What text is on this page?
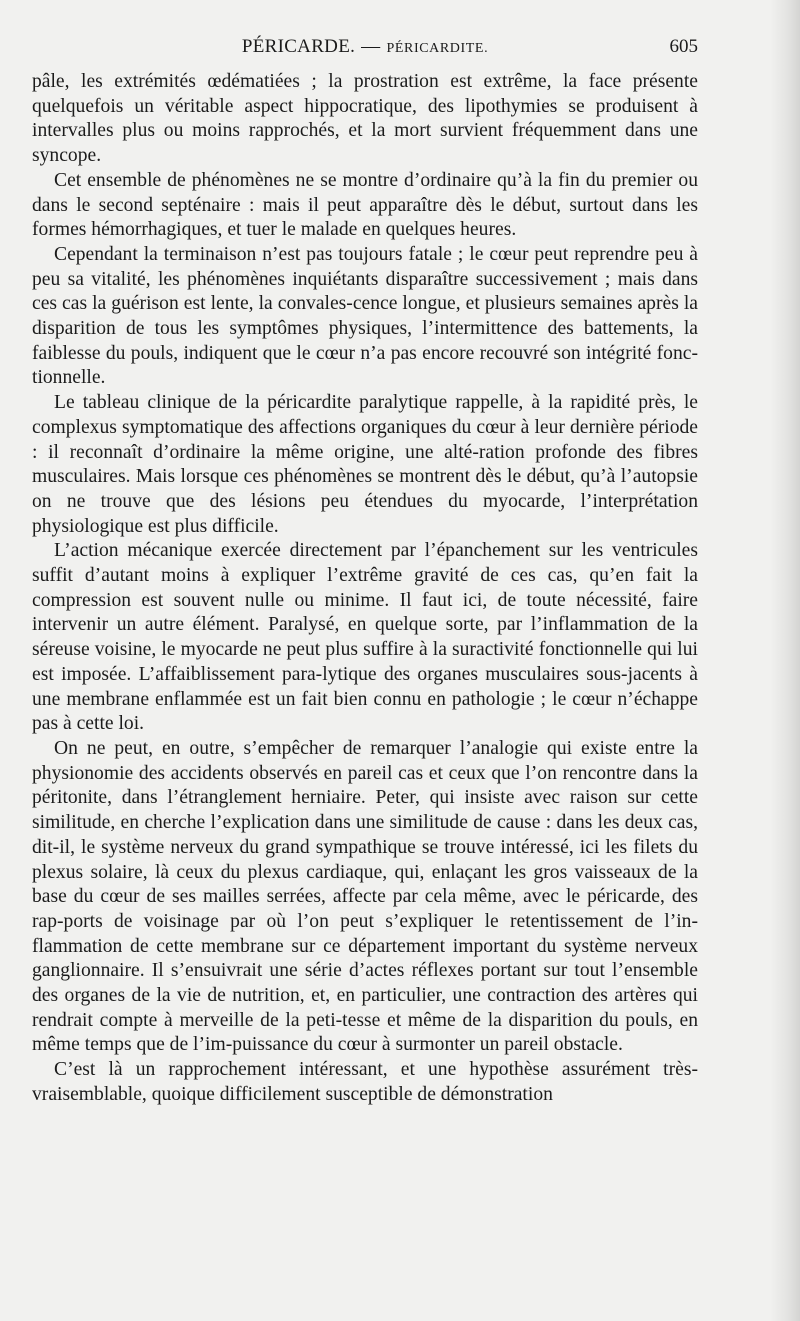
PÉRICARDE. — PÉRICARDITE.	605

pâle, les extrémités œdématiées ; la prostration est extrême, la face présente quelquefois un véritable aspect hippocratique, des lipothymies se produisent à intervalles plus ou moins rapprochés, et la mort survient fréquemment dans une syncope.

Cet ensemble de phénomènes ne se montre d’ordinaire qu’à la fin du premier ou dans le second septénaire : mais il peut apparaître dès le début, surtout dans les formes hémorrhagiques, et tuer le malade en quelques heures.

Cependant la terminaison n’est pas toujours fatale ; le cœur peut reprendre peu à peu sa vitalité, les phénomènes inquiétants disparaître successivement ; mais dans ces cas la guérison est lente, la convales-cence longue, et plusieurs semaines après la disparition de tous les symptômes physiques, l’intermittence des battements, la faiblesse du pouls, indiquent que le cœur n’a pas encore recouvré son intégrité fonc-tionnelle.

Le tableau clinique de la péricardite paralytique rappelle, à la rapidité près, le complexus symptomatique des affections organiques du cœur à leur dernière période : il reconnaît d’ordinaire la même origine, une alté-ration profonde des fibres musculaires. Mais lorsque ces phénomènes se montrent dès le début, qu’à l’autopsie on ne trouve que des lésions peu étendues du myocarde, l’interprétation physiologique est plus difficile.

L’action mécanique exercée directement par l’épanchement sur les ventricules suffit d’autant moins à expliquer l’extrême gravité de ces cas, qu’en fait la compression est souvent nulle ou minime. Il faut ici, de toute nécessité, faire intervenir un autre élément. Paralysé, en quelque sorte, par l’inflammation de la séreuse voisine, le myocarde ne peut plus suffire à la suractivité fonctionnelle qui lui est imposée. L’affaiblissement para-lytique des organes musculaires sous-jacents à une membrane enflammée est un fait bien connu en pathologie ; le cœur n’échappe pas à cette loi.

On ne peut, en outre, s’empêcher de remarquer l’analogie qui existe entre la physionomie des accidents observés en pareil cas et ceux que l’on rencontre dans la péritonite, dans l’étranglement herniaire. Peter, qui insiste avec raison sur cette similitude, en cherche l’explication dans une similitude de cause : dans les deux cas, dit-il, le système nerveux du grand sympathique se trouve intéressé, ici les filets du plexus solaire, là ceux du plexus cardiaque, qui, enlaçant les gros vaisseaux de la base du cœur de ses mailles serrées, affecte par cela même, avec le péricarde, des rap-ports de voisinage par où l’on peut s’expliquer le retentissement de l’in-flammation de cette membrane sur ce département important du système nerveux ganglionnaire. Il s’ensuivrait une série d’actes réflexes portant sur tout l’ensemble des organes de la vie de nutrition, et, en particulier, une contraction des artères qui rendrait compte à merveille de la peti-tesse et même de la disparition du pouls, en même temps que de l’im-puissance du cœur à surmonter un pareil obstacle.

C’est là un rapprochement intéressant, et une hypothèse assurément très-vraisemblable, quoique difficilement susceptible de démonstration
